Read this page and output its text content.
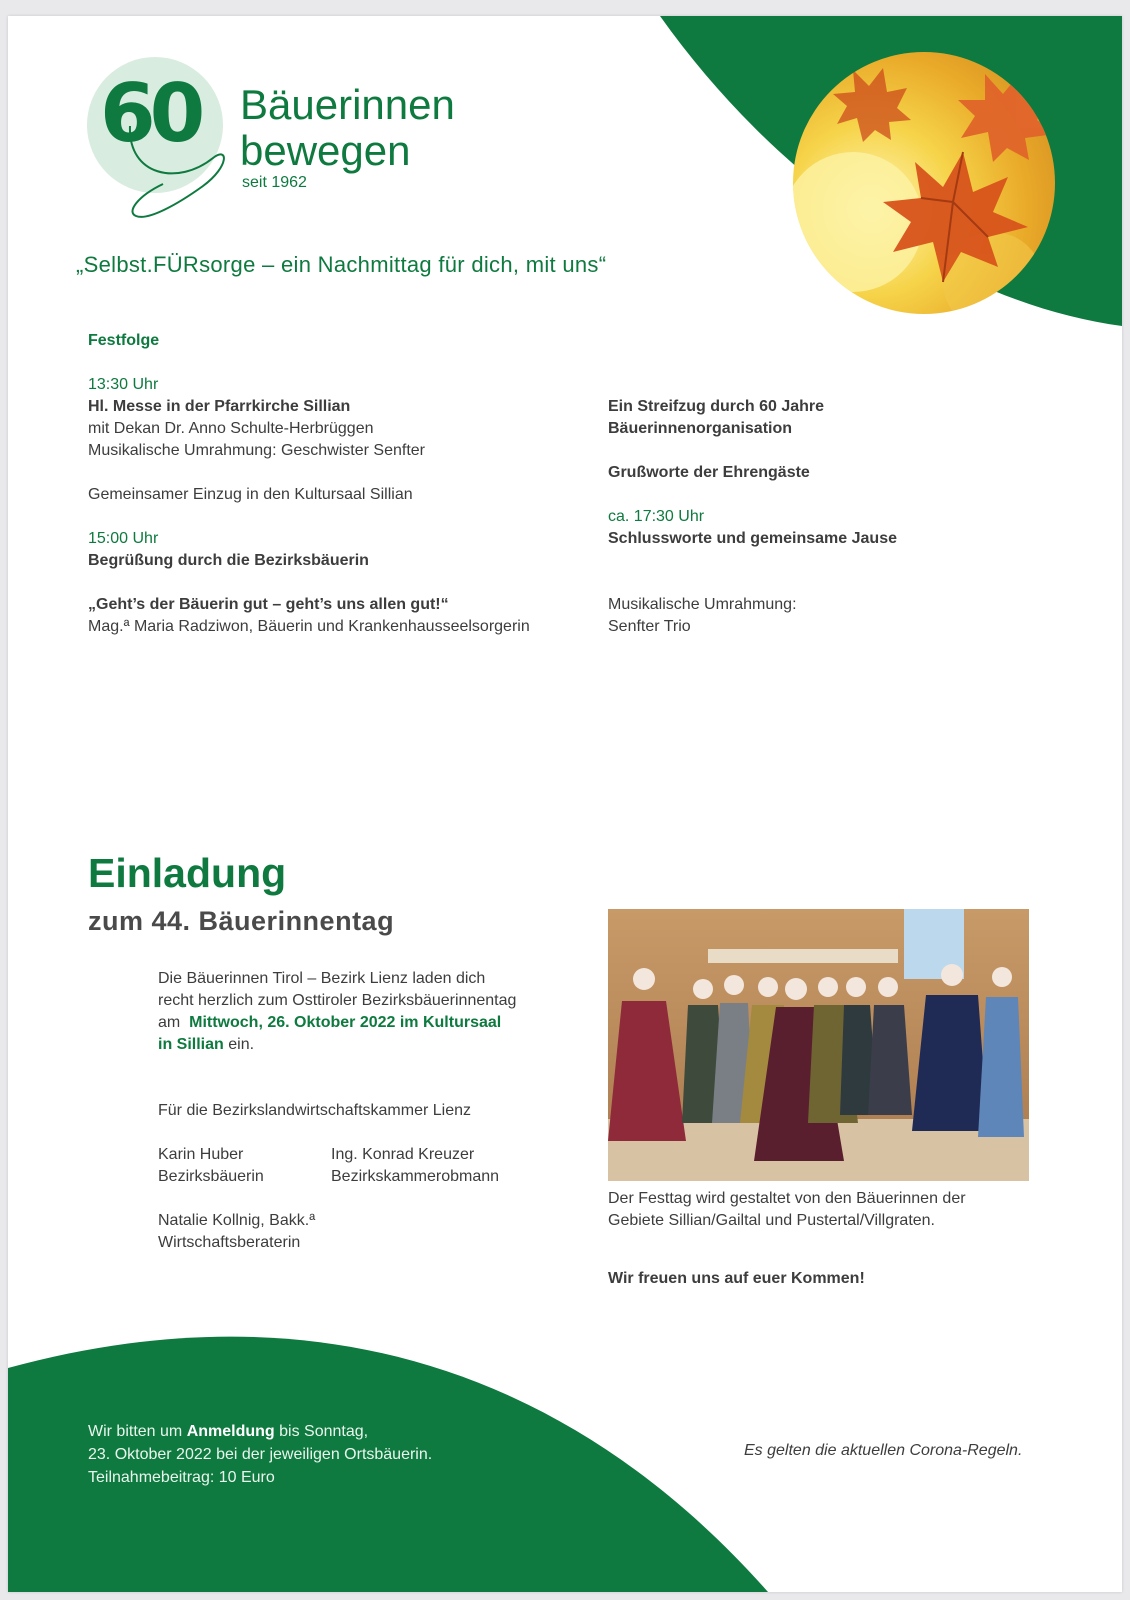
60 Bäuerinnen
bewegen
seit 1962
„Selbst.FÜRsorge – ein Nachmittag für dich, mit uns“
Festfolge
13:30 Uhr
Hl. Messe in der Pfarrkirche Sillian
mit Dekan Dr. Anno Schulte-Herbrüggen
Musikalische Umrahmung: Geschwister Senfter
Gemeinsamer Einzug in den Kultursaal Sillian
15:00 Uhr
Begrüßung durch die Bezirksbäuerin
„Geht’s der Bäuerin gut – geht’s uns allen gut!“
Mag.ª Maria Radziwon, Bäuerin und Krankenhausseelsorgerin
Ein Streifzug durch 60 Jahre
Bäuerinnenorganisation
Grußworte der Ehrengäste
ca. 17:30 Uhr
Schlussworte und gemeinsame Jause
Musikalische Umrahmung:
Senfter Trio
Einladung
zum 44. Bäuerinnentag
Die Bäuerinnen Tirol – Bezirk Lienz laden dich
recht herzlich zum Osttiroler Bezirksbäuerinnentag
am Mittwoch, 26. Oktober 2022 im Kultursaal
in Sillian ein.
Für die Bezirkslandwirtschaftskammer Lienz
Karin Huber
Bezirksbäuerin
Ing. Konrad Kreuzer
Bezirkskammerobmann
Natalie Kollnig, Bakk.ª
Wirtschaftsberaterin
Der Festtag wird gestaltet von den Bäuerinnen der
Gebiete Sillian/Gailtal und Pustertal/Villgraten.
Wir freuen uns auf euer Kommen!
Wir bitten um Anmeldung bis Sonntag,
23. Oktober 2022 bei der jeweiligen Ortsbäuerin.
Teilnahmebeitrag: 10 Euro
Es gelten die aktuellen Corona-Regeln.
